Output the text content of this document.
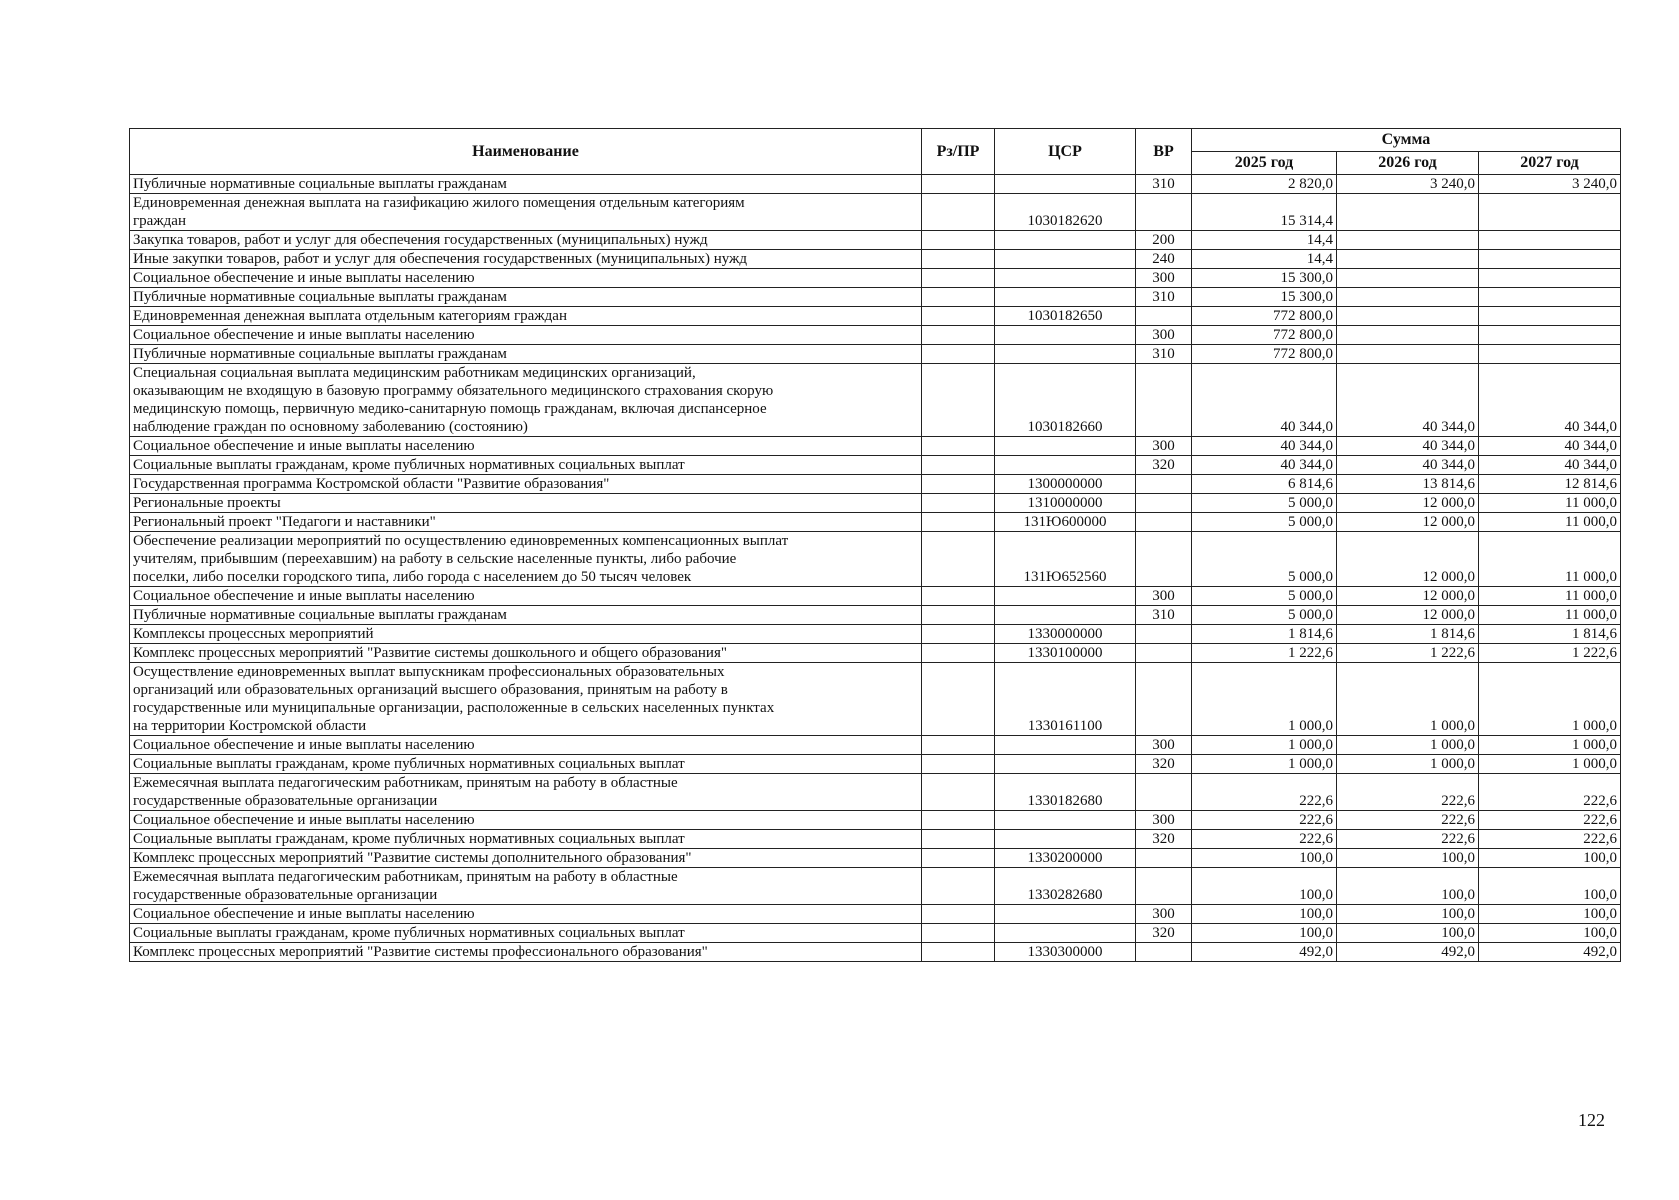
Наименование	Рз/ПР	ЦСР	ВР	Сумма		
				2025 год	2026 год	2027 год
Публичные нормативные социальные выплаты гражданам			310	2 820,0	3 240,0	3 240,0
Единовременная денежная выплата на газификацию жилого помещения отдельным категориям
граждан		1030182620		15 314,4		
Закупка товаров, работ и услуг для обеспечения государственных (муниципальных) нужд			200	14,4		
Иные закупки товаров, работ и услуг для обеспечения государственных (муниципальных) нужд			240	14,4		
Социальное обеспечение и иные выплаты населению			300	15 300,0		
Публичные нормативные социальные выплаты гражданам			310	15 300,0		
Единовременная денежная выплата отдельным категориям граждан		1030182650		772 800,0		
Социальное обеспечение и иные выплаты населению			300	772 800,0		
Публичные нормативные социальные выплаты гражданам			310	772 800,0		
Специальная социальная выплата медицинским работникам медицинских организаций,
оказывающим не входящую в базовую программу обязательного медицинского страхования скорую
медицинскую помощь, первичную медико-санитарную помощь гражданам, включая диспансерное
наблюдение граждан по основному заболеванию (состоянию)		1030182660		40 344,0	40 344,0	40 344,0
Социальное обеспечение и иные выплаты населению			300	40 344,0	40 344,0	40 344,0
Социальные выплаты гражданам, кроме публичных нормативных социальных выплат			320	40 344,0	40 344,0	40 344,0
Государственная программа Костромской области "Развитие образования"		1300000000		6 814,6	13 814,6	12 814,6
Региональные проекты		1310000000		5 000,0	12 000,0	11 000,0
Региональный проект "Педагоги и наставники"		131Ю600000		5 000,0	12 000,0	11 000,0
Обеспечение реализации мероприятий по осуществлению единовременных компенсационных выплат
учителям, прибывшим (переехавшим) на работу в сельские населенные пункты, либо рабочие
поселки, либо поселки городского типа, либо города с населением до 50 тысяч человек		131Ю652560		5 000,0	12 000,0	11 000,0
Социальное обеспечение и иные выплаты населению			300	5 000,0	12 000,0	11 000,0
Публичные нормативные социальные выплаты гражданам			310	5 000,0	12 000,0	11 000,0
Комплексы процессных мероприятий		1330000000		1 814,6	1 814,6	1 814,6
Комплекс процессных мероприятий "Развитие системы дошкольного и общего образования"		1330100000		1 222,6	1 222,6	1 222,6
Осуществление единовременных выплат выпускникам профессиональных образовательных
организаций или образовательных организаций высшего образования, принятым на работу в
государственные или муниципальные организации, расположенные в сельских населенных пунктах
на территории Костромской области		1330161100		1 000,0	1 000,0	1 000,0
Социальное обеспечение и иные выплаты населению			300	1 000,0	1 000,0	1 000,0
Социальные выплаты гражданам, кроме публичных нормативных социальных выплат			320	1 000,0	1 000,0	1 000,0
Ежемесячная выплата педагогическим работникам, принятым на работу в областные
государственные образовательные организации		1330182680		222,6	222,6	222,6
Социальное обеспечение и иные выплаты населению			300	222,6	222,6	222,6
Социальные выплаты гражданам, кроме публичных нормативных социальных выплат			320	222,6	222,6	222,6
Комплекс процессных мероприятий "Развитие системы дополнительного образования"		1330200000		100,0	100,0	100,0
Ежемесячная выплата педагогическим работникам, принятым на работу в областные
государственные образовательные организации		1330282680		100,0	100,0	100,0
Социальное обеспечение и иные выплаты населению			300	100,0	100,0	100,0
Социальные выплаты гражданам, кроме публичных нормативных социальных выплат			320	100,0	100,0	100,0
Комплекс процессных мероприятий "Развитие системы профессионального образования"		1330300000		492,0	492,0	492,0
122
